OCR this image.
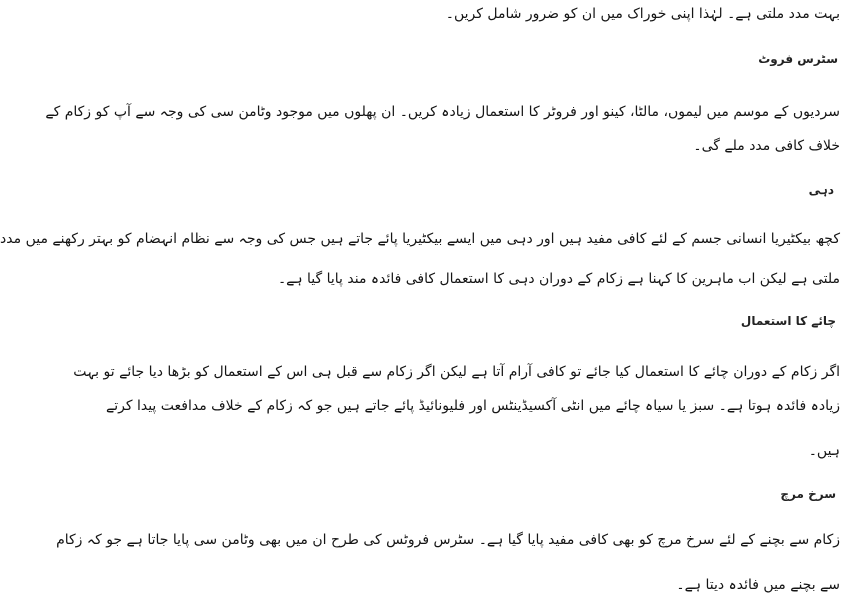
بہت مدد ملتی ہے۔ لہٰذا اپنی خوراک میں ان کو ضرور شامل کریں۔

سٹرس فروٹ

سردیوں کے موسم میں لیموں، مالٹا، کینو اور فروٹر کا استعمال زیادہ کریں۔ ان پھلوں میں موجود وٹامن سی کی وجہ سے آپ کو زکام کے

خلاف کافی مدد ملے گی۔

دہی

کچھ بیکٹیریا انسانی جسم کے لئے کافی مفید ہیں اور دہی میں ایسے بیکٹیریا پائے جاتے ہیں جس کی وجہ سے نظام انہضام کو بہتر رکھنے میں مدد

ملتی ہے لیکن اب ماہرین کا کہنا ہے زکام کے دوران دہی کا استعمال کافی فائدہ مند پایا گیا ہے۔

چائے کا استعمال

اگر زکام کے دوران چائے کا استعمال کیا جائے تو کافی آرام آتا ہے لیکن اگر زکام سے قبل ہی اس کے استعمال کو بڑھا دیا جائے تو بہت

زیادہ فائدہ ہوتا ہے۔ سبز یا سیاہ چائے میں انٹی آکسیڈینٹس اور فلیونائیڈ پائے جاتے ہیں جو کہ زکام کے خلاف مدافعت پیدا کرتے

ہیں۔

سرخ مرچ

زکام سے بچنے کے لئے سرخ مرچ کو بھی کافی مفید پایا گیا ہے۔ سٹرس فروٹس کی طرح ان میں بھی وٹامن سی پایا جاتا ہے جو کہ زکام

سے بچنے میں فائدہ دیتا ہے۔
